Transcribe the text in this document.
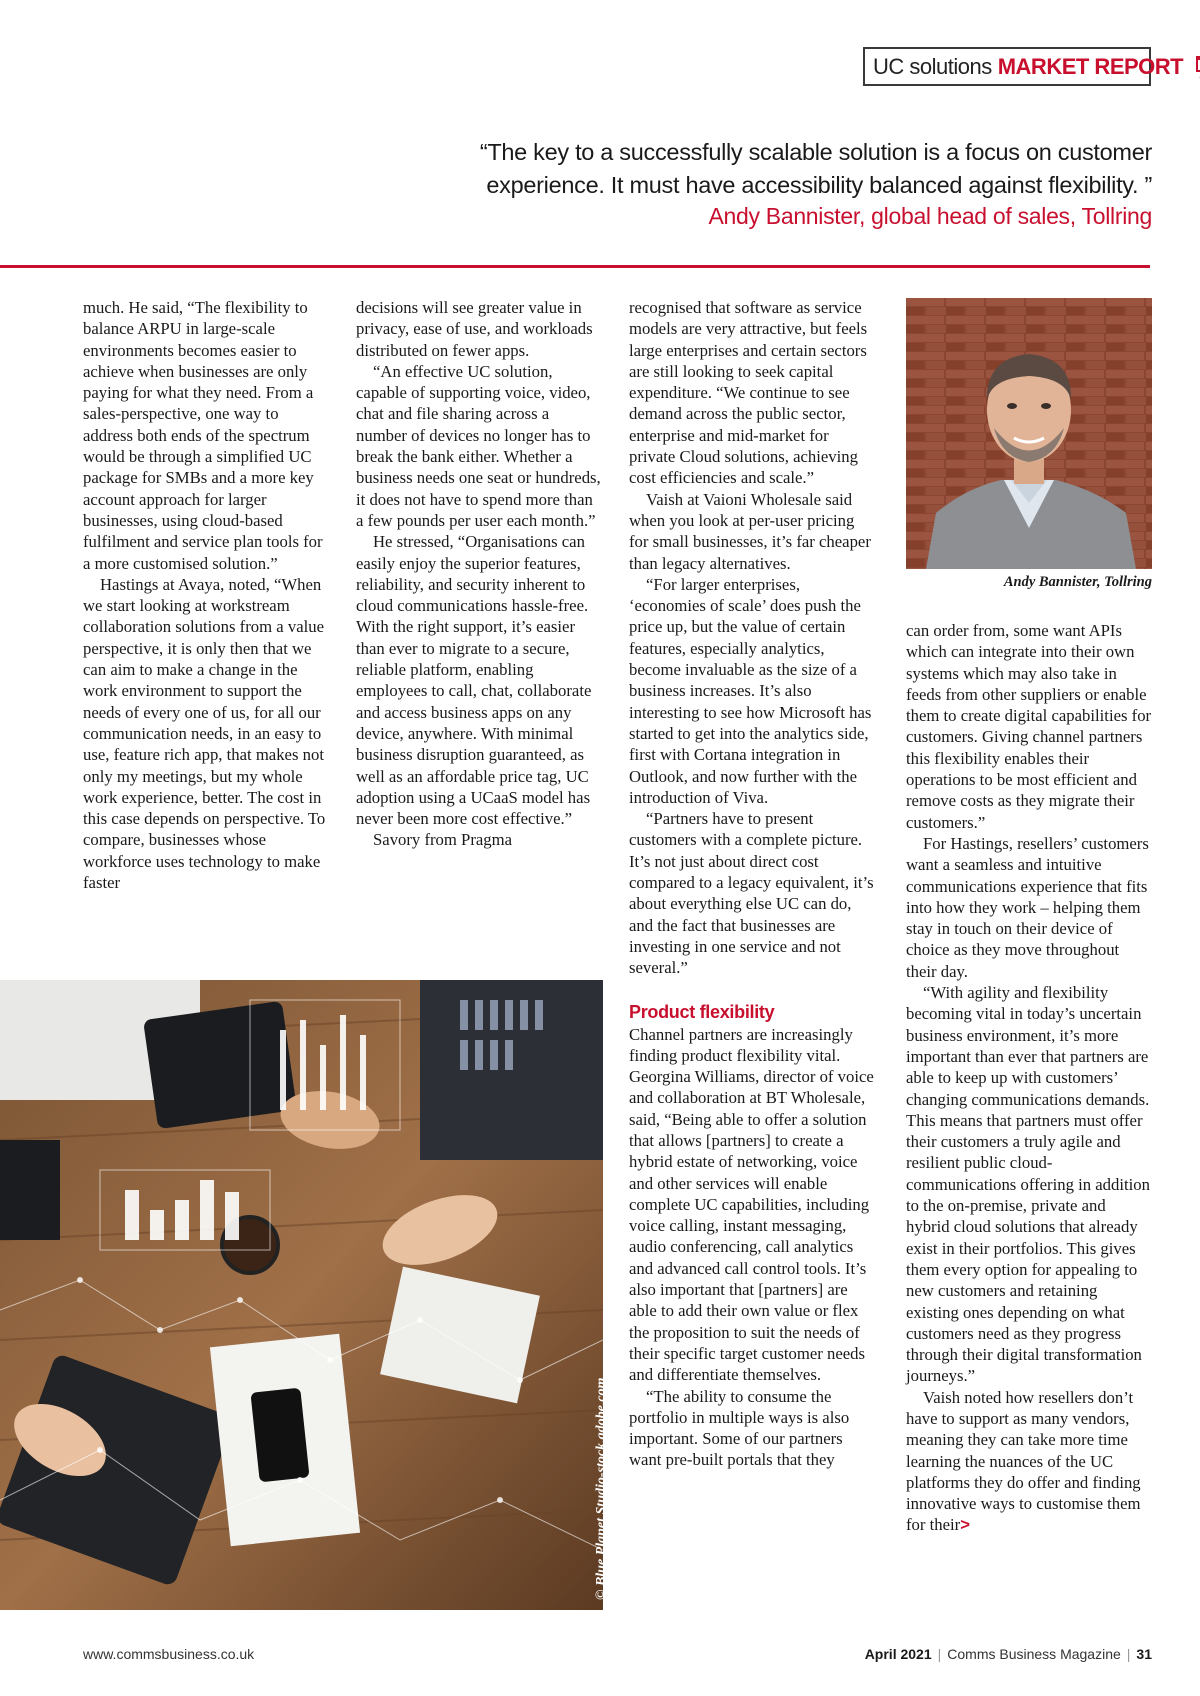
UC solutions MARKET REPORT
“The key to a successfully scalable solution is a focus on customer
experience. It must have accessibility balanced against flexibility. ”
Andy Bannister, global head of sales, Tollring

much. He said, “The flexibility to balance ARPU in large-scale environments becomes easier to achieve when businesses are only paying for what they need. From a sales-perspective, one way to address both ends of the spectrum would be through a simplified UC package for SMBs and a more key account approach for larger businesses, using cloud-based fulfilment and service plan tools for a more customised solution.”

Hastings at Avaya, noted, “When we start looking at workstream collaboration solutions from a value perspective, it is only then that we can aim to make a change in the work environment to support the needs of every one of us, for all our communication needs, in an easy to use, feature rich app, that makes not only my meetings, but my whole work experience, better. The cost in this case depends on perspective. To compare, businesses whose workforce uses technology to make faster

decisions will see greater value in privacy, ease of use, and workloads distributed on fewer apps.

“An effective UC solution, capable of supporting voice, video, chat and file sharing across a number of devices no longer has to break the bank either. Whether a business needs one seat or hundreds, it does not have to spend more than a few pounds per user each month.”

He stressed, “Organisations can easily enjoy the superior features, reliability, and security inherent to cloud communications hassle-free. With the right support, it’s easier than ever to migrate to a secure, reliable platform, enabling employees to call, chat, collaborate and access business apps on any device, anywhere. With minimal business disruption guaranteed, as well as an affordable price tag, UC adoption using a UCaaS model has never been more cost effective.”

Savory from Pragma

recognised that software as service models are very attractive, but feels large enterprises and certain sectors are still looking to seek capital expenditure. “We continue to see demand across the public sector, enterprise and mid-market for private Cloud solutions, achieving cost efficiencies and scale.”

Vaish at Vaioni Wholesale said when you look at per-user pricing for small businesses, it’s far cheaper than legacy alternatives.

“For larger enterprises, ‘economies of scale’ does push the price up, but the value of certain features, especially analytics, become invaluable as the size of a business increases. It’s also interesting to see how Microsoft has started to get into the analytics side, first with Cortana integration in Outlook, and now further with the introduction of Viva.

“Partners have to present customers with a complete picture. It’s not just about direct cost compared to a legacy equivalent, it’s about everything else UC can do, and the fact that businesses are investing in one service and not several.”

Product flexibility

Channel partners are increasingly finding product flexibility vital. Georgina Williams, director of voice and collaboration at BT Wholesale, said, “Being able to offer a solution that allows [partners] to create a hybrid estate of networking, voice and other services will enable complete UC capabilities, including voice calling, instant messaging, audio conferencing, call analytics and advanced call control tools. It’s also important that [partners] are able to add their own value or flex the proposition to suit the needs of their specific target customer needs and differentiate themselves.

“The ability to consume the portfolio in multiple ways is also important. Some of our partners want pre-built portals that they

Andy Bannister, Tollring

can order from, some want APIs which can integrate into their own systems which may also take in feeds from other suppliers or enable them to create digital capabilities for customers. Giving channel partners this flexibility enables their operations to be most efficient and remove costs as they migrate their customers.”

For Hastings, resellers’ customers want a seamless and intuitive communications experience that fits into how they work – helping them stay in touch on their device of choice as they move throughout their day.

“With agility and flexibility becoming vital in today’s uncertain business environment, it’s more important than ever that partners are able to keep up with customers’ changing communications demands. This means that partners must offer their customers a truly agile and resilient public cloud-communications offering in addition to the on-premise, private and hybrid cloud solutions that already exist in their portfolios. This gives them every option for appealing to new customers and retaining existing ones depending on what customers need as they progress through their digital transformation journeys.”

Vaish noted how resellers don’t have to support as many vendors, meaning they can take more time learning the nuances of the UC platforms they do offer and finding innovative ways to customise them for their>

© Blue Planet Studio-stock.adobe.com
www.commsbusiness.co.uk	April 2021 | Comms Business Magazine | 31
